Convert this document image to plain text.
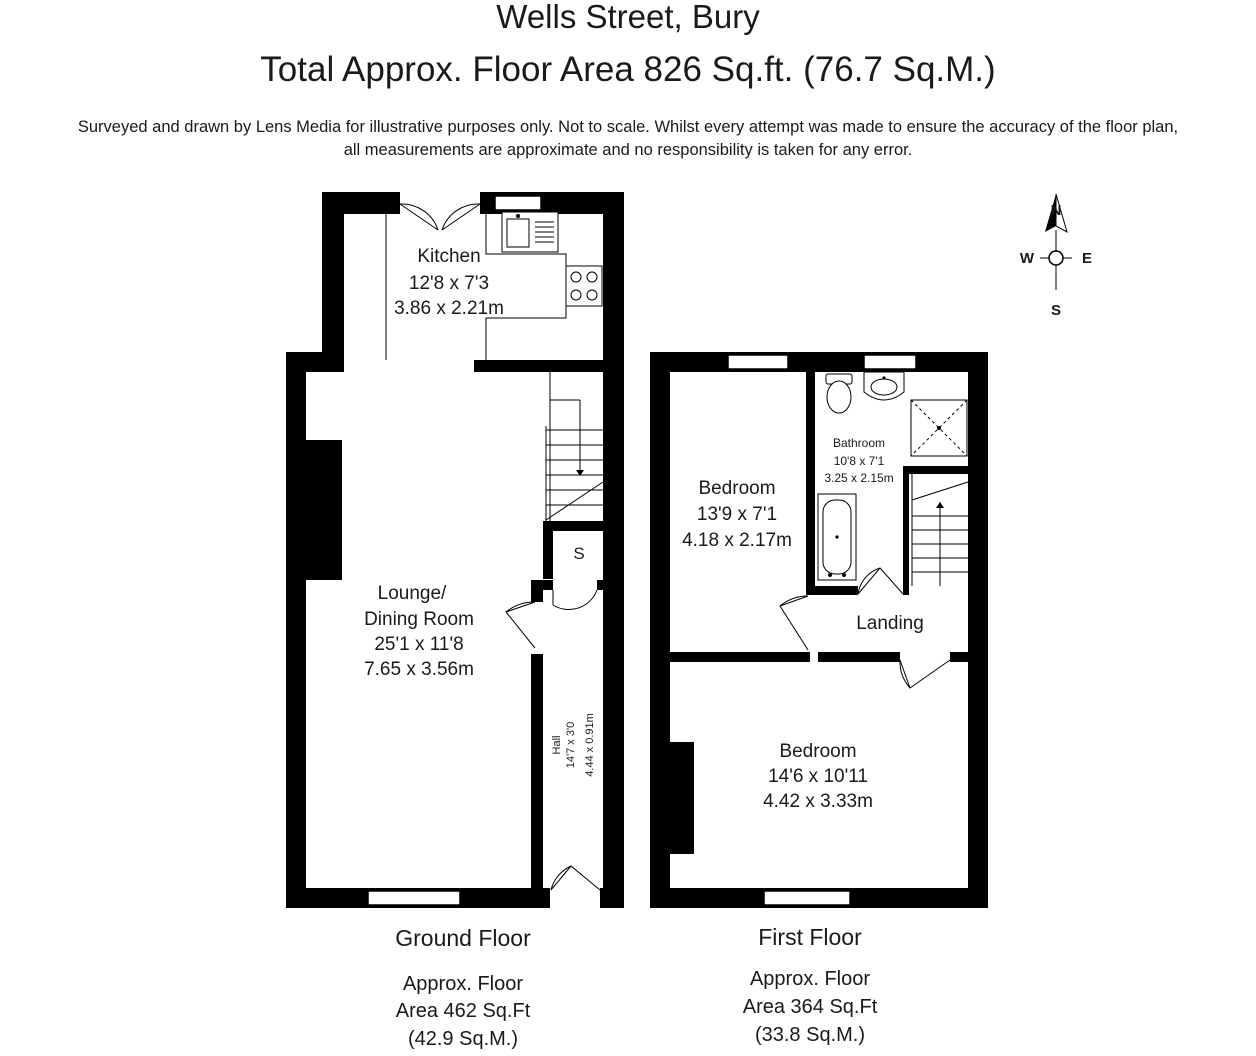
Wells Street, Bury
Total Approx. Floor Area 826 Sq.ft. (76.7 Sq.M.)
Surveyed and drawn by Lens Media for illustrative purposes only. Not to scale. Whilst every attempt was made to ensure the accuracy of the floor plan,
all measurements are approximate and no responsibility is taken for any error.
N
S
W	E
Kitchen
12'8 x 7'3
3.86 x 2.21m
Lounge/
Dining Room
25'1 x 11'8
7.65 x 3.56m
S
Hall 14'7 x 3'0 4.44 x 0.91m
Bedroom
13'9 x 7'1
4.18 x 2.17m
Bathroom
10'8 x 7'1
3.25 x 2.15m
Landing
Bedroom
14'6 x 10'11
4.42 x 3.33m
Ground Floor
Approx. Floor
Area 462 Sq.Ft
(42.9 Sq.M.)
First Floor
Approx. Floor
Area 364 Sq.Ft
(33.8 Sq.M.)
